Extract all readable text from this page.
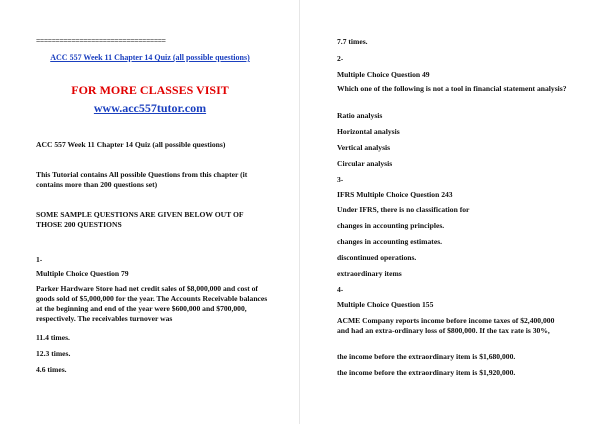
=================================

ACC 557 Week 11 Chapter 14 Quiz (all possible questions)

FOR MORE CLASSES VISIT

www.acc557tutor.com

ACC 557 Week 11 Chapter 14 Quiz (all possible questions)

This Tutorial contains All possible Questions from this chapter (it contains more than 200 questions set)

SOME SAMPLE QUESTIONS ARE GIVEN BELOW OUT OF THOSE 200 QUESTIONS

1-

Multiple Choice Question 79

Parker Hardware Store had net credit sales of $8,000,000 and cost of goods sold of $5,000,000 for the year. The Accounts Receivable balances at the beginning and end of the year were $600,000 and $700,000, respectively. The receivables turnover was

11.4 times.

12.3 times.

4.6 times.

7.7 times.

2-

Multiple Choice Question 49

Which one of the following is not a tool in financial statement analysis?

Ratio analysis

Horizontal analysis

Vertical analysis

Circular analysis

3-

IFRS Multiple Choice Question 243

Under IFRS, there is no classification for

changes in accounting principles.

changes in accounting estimates.

discontinued operations.

extraordinary items

4-

Multiple Choice Question 155

ACME Company reports income before income taxes of $2,400,000 and had an extra-ordinary loss of $800,000. If the tax rate is 30%,

the income before the extraordinary item is $1,680,000.

the income before the extraordinary item is $1,920,000.
